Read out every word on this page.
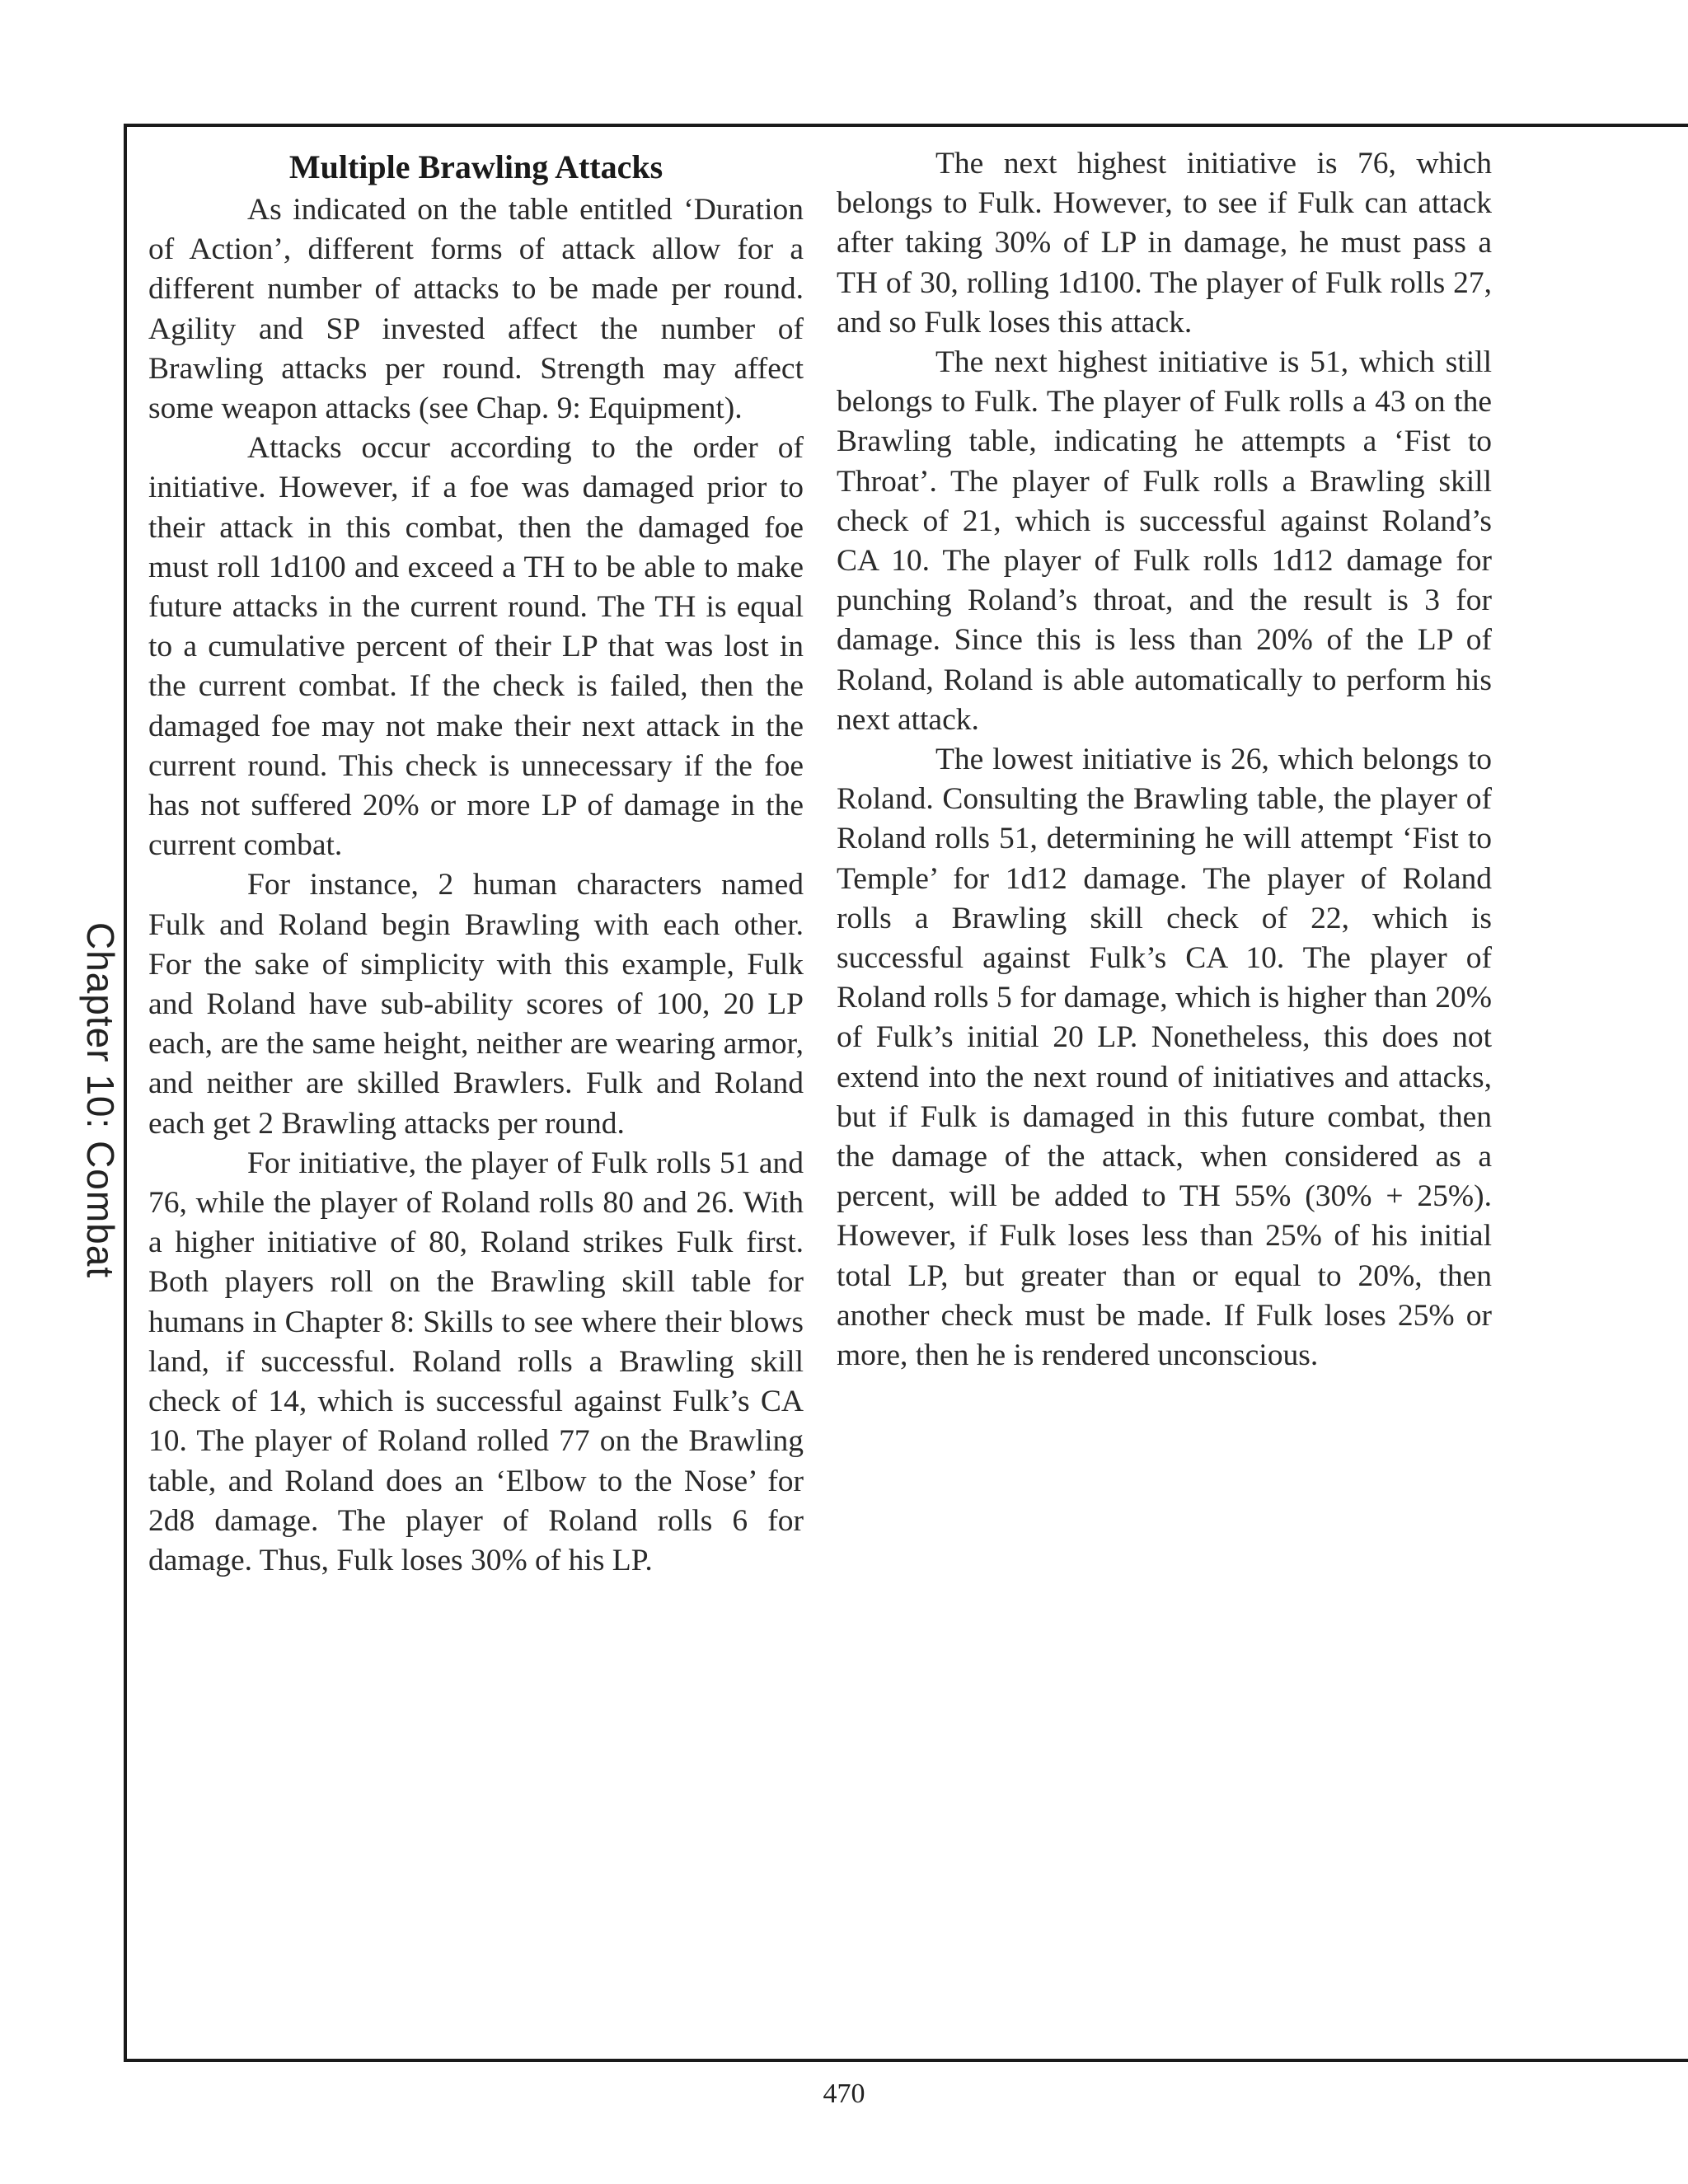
Chapter 10: Combat
Multiple Brawling Attacks

As indicated on the table entitled ‘Duration of Action’, different forms of attack allow for a different number of attacks to be made per round. Agility and SP invested affect the number of Brawling attacks per round. Strength may affect some weapon attacks (see Chap. 9: Equipment).

Attacks occur according to the order of initiative. However, if a foe was damaged prior to their attack in this combat, then the damaged foe must roll 1d100 and exceed a TH to be able to make future attacks in the current round. The TH is equal to a cumulative percent of their LP that was lost in the current combat. If the check is failed, then the damaged foe may not make their next attack in the current round. This check is unnecessary if the foe has not suffered 20% or more LP of damage in the current combat.

For instance, 2 human characters named Fulk and Roland begin Brawling with each other. For the sake of simplicity with this example, Fulk and Roland have sub-ability scores of 100, 20 LP each, are the same height, neither are wearing armor, and neither are skilled Brawlers. Fulk and Roland each get 2 Brawling attacks per round.

For initiative, the player of Fulk rolls 51 and 76, while the player of Roland rolls 80 and 26. With a higher initiative of 80, Roland strikes Fulk first. Both players roll on the Brawling skill table for humans in Chapter 8: Skills to see where their blows land, if successful. Roland rolls a Brawling skill check of 14, which is successful against Fulk’s CA 10. The player of Roland rolled 77 on the Brawling table, and Roland does an ‘Elbow to the Nose’ for 2d8 damage. The player of Roland rolls 6 for damage. Thus, Fulk loses 30% of his LP.

The next highest initiative is 76, which belongs to Fulk. However, to see if Fulk can attack after taking 30% of LP in damage, he must pass a TH of 30, rolling 1d100. The player of Fulk rolls 27, and so Fulk loses this attack.

The next highest initiative is 51, which still belongs to Fulk. The player of Fulk rolls a 43 on the Brawling table, indicating he attempts a ‘Fist to Throat’. The player of Fulk rolls a Brawling skill check of 21, which is successful against Roland’s CA 10. The player of Fulk rolls 1d12 damage for punching Roland’s throat, and the result is 3 for damage. Since this is less than 20% of the LP of Roland, Roland is able automatically to perform his next attack.

The lowest initiative is 26, which belongs to Roland. Consulting the Brawling table, the player of Roland rolls 51, determining he will attempt ‘Fist to Temple’ for 1d12 damage. The player of Roland rolls a Brawling skill check of 22, which is successful against Fulk’s CA 10. The player of Roland rolls 5 for damage, which is higher than 20% of Fulk’s initial 20 LP. Nonetheless, this does not extend into the next round of initiatives and attacks, but if Fulk is damaged in this future combat, then the damage of the attack, when considered as a percent, will be added to TH 55% (30% + 25%). However, if Fulk loses less than 25% of his initial total LP, but greater than or equal to 20%, then another check must be made. If Fulk loses 25% or more, then he is rendered unconscious.

470
